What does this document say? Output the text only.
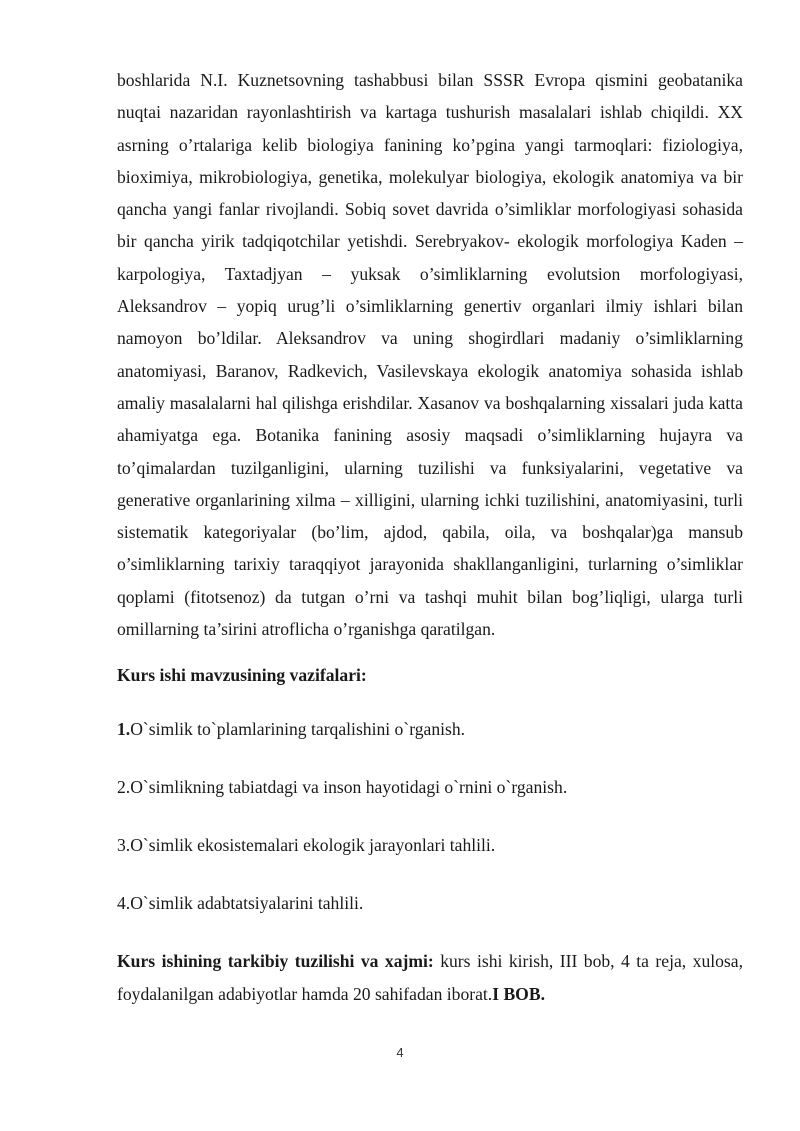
boshlarida N.I. Kuznetsovning tashabbusi bilan SSSR Evropa qismini geobatanika nuqtai nazaridan rayonlashtirish va kartaga tushurish masalalari ishlab chiqildi. XX asrning o’rtalariga kelib biologiya fanining ko’pgina yangi tarmoqlari: fiziologiya, bioximiya, mikrobiologiya, genetika, molekulyar biologiya, ekologik anatomiya va bir qancha yangi fanlar rivojlandi. Sobiq sovet davrida o’simliklar morfologiyasi sohasida bir qancha yirik tadqiqotchilar yetishdi. Serebryakov- ekologik morfologiya Kaden – karpologiya, Taxtadjyan – yuksak o’simliklarning evolutsion morfologiyasi, Aleksandrov – yopiq urug’li o’simliklarning genertiv organlari ilmiy ishlari bilan namoyon bo’ldilar. Aleksandrov va uning shogirdlari madaniy o’simliklarning anatomiyasi, Baranov, Radkevich, Vasilevskaya ekologik anatomiya sohasida ishlab amaliy masalalarni hal qilishga erishdilar. Xasanov va boshqalarning xissalari juda katta ahamiyatga ega. Botanika fanining asosiy maqsadi o’simliklarning hujayra va to’qimalardan tuzilganligini, ularning tuzilishi va funksiyalarini, vegetative va generative organlarining xilma – xilligini, ularning ichki tuzilishini, anatomiyasini, turli sistematik kategoriyalar (bo’lim, ajdod, qabila, oila, va boshqalar)ga mansub o’simliklarning tarixiy taraqqiyot jarayonida shakllanganligini, turlarning o’simliklar qoplami (fitotsenoz) da tutgan o’rni va tashqi muhit bilan bog’liqligi, ularga turli omillarning ta’sirini atroflicha o’rganishga qaratilgan.

Kurs ishi mavzusining vazifalari:

1.O`simlik to`plamlarining tarqalishini o`rganish.

2.O`simlikning tabiatdagi va inson hayotidagi o`rnini o`rganish.

3.O`simlik ekosistemalari ekologik jarayonlari tahlili.

4.O`simlik adabtatsiyalarini tahlili.

Kurs ishining tarkibiy tuzilishi va xajmi: kurs ishi kirish, III bob, 4 ta reja, xulosa, foydalanilgan adabiyotlar hamda 20 sahifadan iborat.I BOB.

4
